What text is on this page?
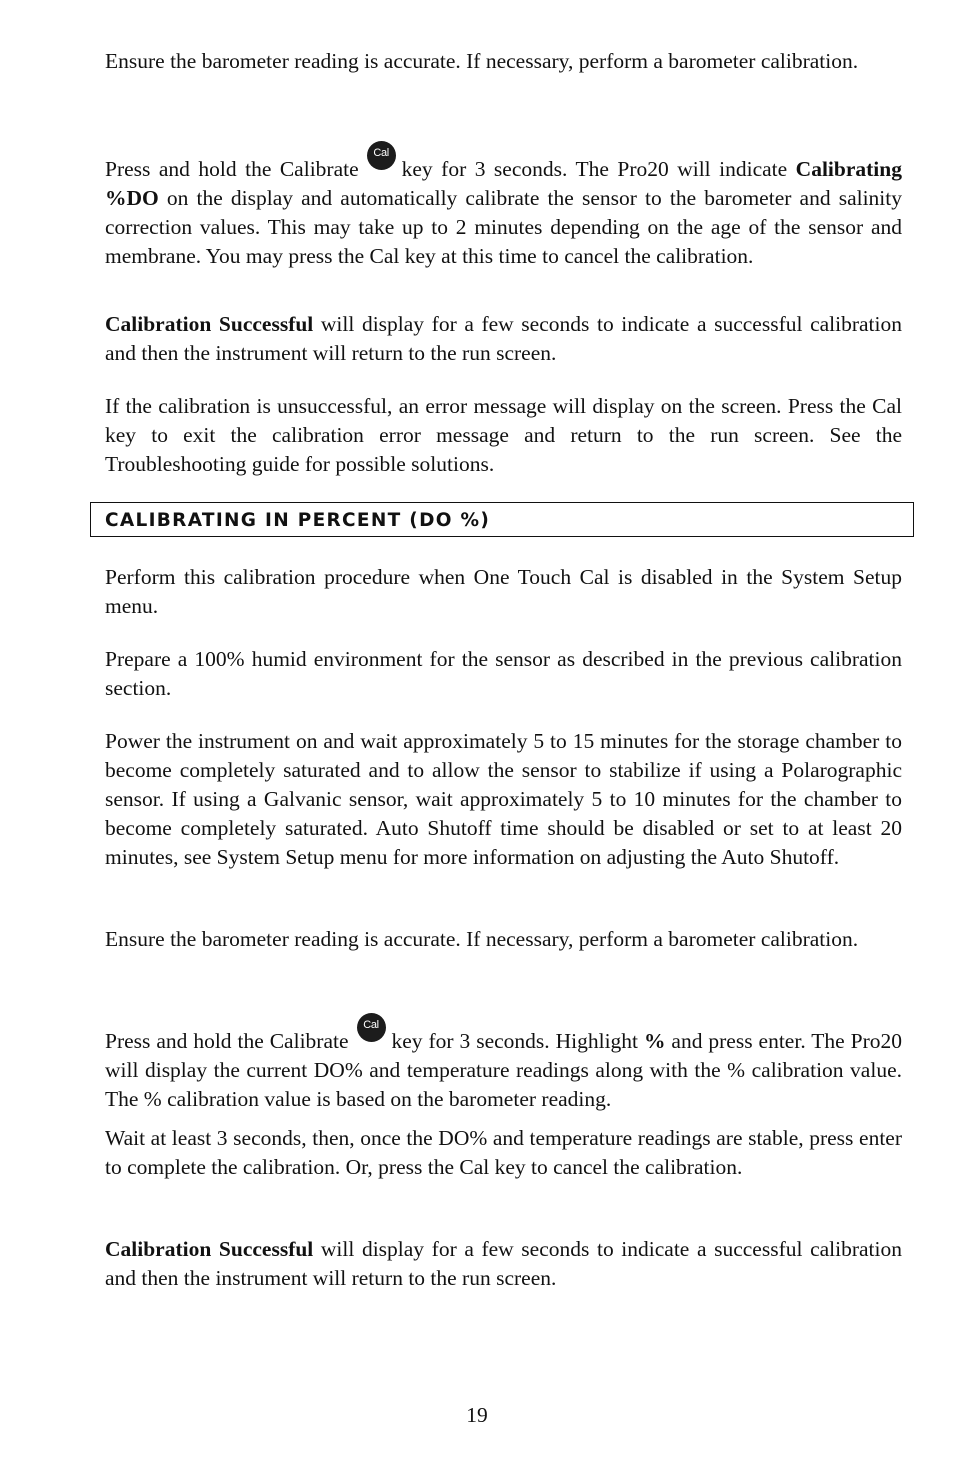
Ensure the barometer reading is accurate. If necessary, perform a barometer calibration.

Press and hold the Calibrate
Cal
key for 3 seconds. The Pro20 will indicate Calibrating %DO on the display and automatically calibrate the sensor to the barometer and salinity correction values. This may take up to 2 minutes depending on the age of the sensor and membrane. You may press the Cal key at this time to cancel the calibration.

Calibration Successful will display for a few seconds to indicate a successful calibration and then the instrument will return to the run screen.

If the calibration is unsuccessful, an error message will display on the screen. Press the Cal key to exit the calibration error message and return to the run screen. See the Troubleshooting guide for possible solutions.

CALIBRATING IN PERCENT (DO %)

Perform this calibration procedure when One Touch Cal is disabled in the System Setup menu.

Prepare a 100% humid environment for the sensor as described in the previous calibration section.

Power the instrument on and wait approximately 5 to 15 minutes for the storage chamber to become completely saturated and to allow the sensor to stabilize if using a Polarographic sensor. If using a Galvanic sensor, wait approximately 5 to 10 minutes for the chamber to become completely saturated. Auto Shutoff time should be disabled or set to at least 20 minutes, see System Setup menu for more information on adjusting the Auto Shutoff.

Ensure the barometer reading is accurate. If necessary, perform a barometer calibration.

Press and hold the Calibrate
Cal
key for 3 seconds. Highlight % and press enter. The Pro20 will display the current DO% and temperature readings along with the % calibration value. The % calibration value is based on the barometer reading.

Wait at least 3 seconds, then, once the DO% and temperature readings are stable, press enter to complete the calibration. Or, press the Cal key to cancel the calibration.

Calibration Successful will display for a few seconds to indicate a successful calibration and then the instrument will return to the run screen.

19
